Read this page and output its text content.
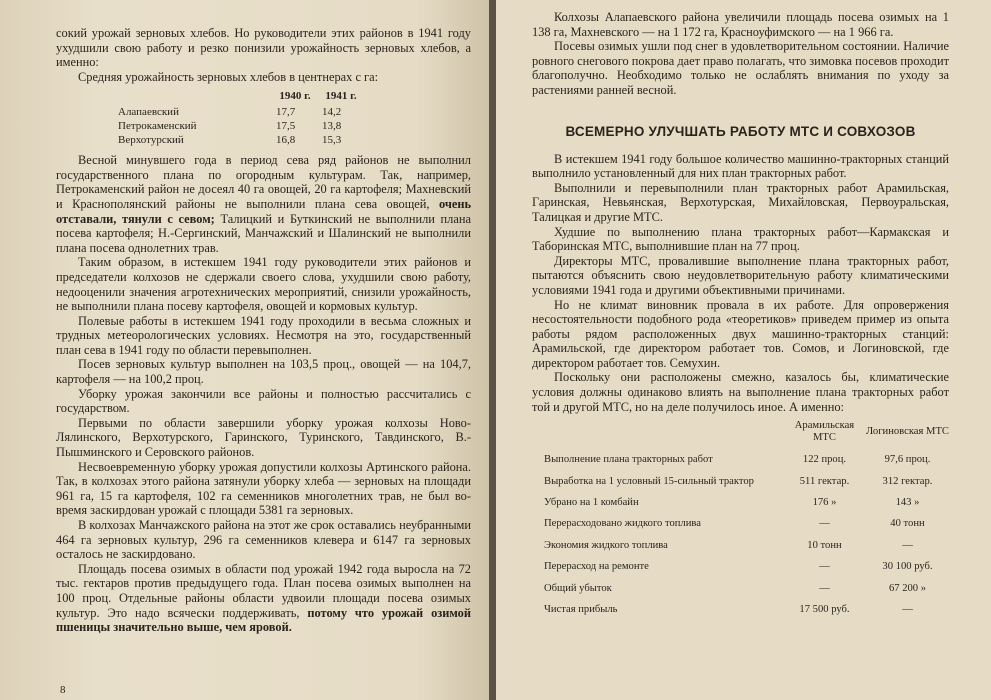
сокий урожай зерновых хлебов. Но руководители этих районов в 1941 году ухудшили свою работу и резко понизили урожайность зерновых хлебов, а именно:

Средняя урожайность зерновых хлебов в центнерах с га:

	1940 г.	1941 г.
Алапаевский	17,7	14,2
Петрокаменский	17,5	13,8
Верхотурский	16,8	15,3

Весной минувшего года в период сева ряд районов не выполнил государственного плана по огородным культурам. Так, например, Петрокаменский район не досеял 40 га овощей, 20 га картофеля; Махневский и Краснополянский районы не выполнили плана сева овощей, очень отставали, тянули с севом; Талицкий и Буткинский не выполнили плана посева картофеля; Н.-Сергинский, Манчажский и Шалинский не выполнили плана посева однолетних трав.

Таким образом, в истекшем 1941 году руководители этих районов и председатели колхозов не сдержали своего слова, ухудшили свою работу, недооценили значения агротехнических мероприятий, снизили урожайность, не выполнили плана посеву картофеля, овощей и кормовых культур.

Полевые работы в истекшем 1941 году проходили в весьма сложных и трудных метеорологических условиях. Несмотря на это, государственный план сева в 1941 году по области перевыполнен.

Посев зерновых культур выполнен на 103,5 проц., овощей — на 104,7, картофеля — на 100,2 проц.

Уборку урожая закончили все районы и полностью рассчитались с государством.

Первыми по области завершили уборку урожая колхозы Ново-Лялинского, Верхотурского, Гаринского, Туринского, Тавдинского, В.-Пышминского и Серовского районов.

Несвоевременную уборку урожая допустили колхозы Артинского района. Так, в колхозах этого района затянули уборку хлеба — зерновых на площади 961 га, 15 га картофеля, 102 га семенников многолетних трав, не был во-время заскирдован урожай с площади 5381 га зерновых.

В колхозах Манчажского района на этот же срок оставались неубранными 464 га зерновых культур, 296 га семенников клевера и 6147 га зерновых осталось не заскирдовано.

Площадь посева озимых в области под урожай 1942 года выросла на 72 тыс. гектаров против предыдущего года. План посева озимых выполнен на 100 проц. Отдельные районы области удвоили площади посева озимых культур. Это надо всячески поддерживать, потому что урожай озимой пшеницы значительно выше, чем яровой.

8

Колхозы Алапаевского района увеличили площадь посева озимых на 1 138 га, Махневского — на 1 172 га, Красноуфимского — на 1 966 га.

Посевы озимых ушли под снег в удовлетворительном состоянии. Наличие ровного снегового покрова дает право полагать, что зимовка посевов проходит благополучно. Необходимо только не ослаблять внимания по уходу за растениями ранней весной.

ВСЕМЕРНО УЛУЧШАТЬ РАБОТУ МТС И СОВХОЗОВ

В истекшем 1941 году большое количество машинно-тракторных станций выполнило установленный для них план тракторных работ.

Выполнили и перевыполнили план тракторных работ Арамильская, Гаринская, Невьянская, Верхотурская, Михайловская, Первоуральская, Талицкая и другие МТС.

Худшие по выполнению плана тракторных работ—Кармакская и Таборинская МТС, выполнившие план на 77 проц.

Директоры МТС, провалившие выполнение плана тракторных работ, пытаются объяснить свою неудовлетворительную работу климатическими условиями 1941 года и другими объективными причинами.

Но не климат виновник провала в их работе. Для опровержения несостоятельности подобного рода «теоретиков» приведем пример из опыта работы рядом расположенных двух машинно-тракторных станций: Арамильской, где директором работает тов. Сомов, и Логиновской, где директором работает тов. Семухин.

Поскольку они расположены смежно, казалось бы, климатические условия должны одинаково влиять на выполнение плана тракторных работ той и другой МТС, но на деле получилось иное. А именно:

	Арамильская МТС	Логиновская МТС
Выполнение плана тракторных работ	122 проц.	97,6 проц.
Выработка на 1 условный 15-сильный трактор	511 гектар.	312 гектар.
Убрано на 1 комбайн	176 »	143 »
Перерасходовано жидкого топлива	—	40 тонн
Экономия жидкого топлива	10 тонн	—
Перерасход на ремонте	—	30 100 руб.
Общий убыток	—	67 200 »
Чистая прибыль	17 500 руб.	—
